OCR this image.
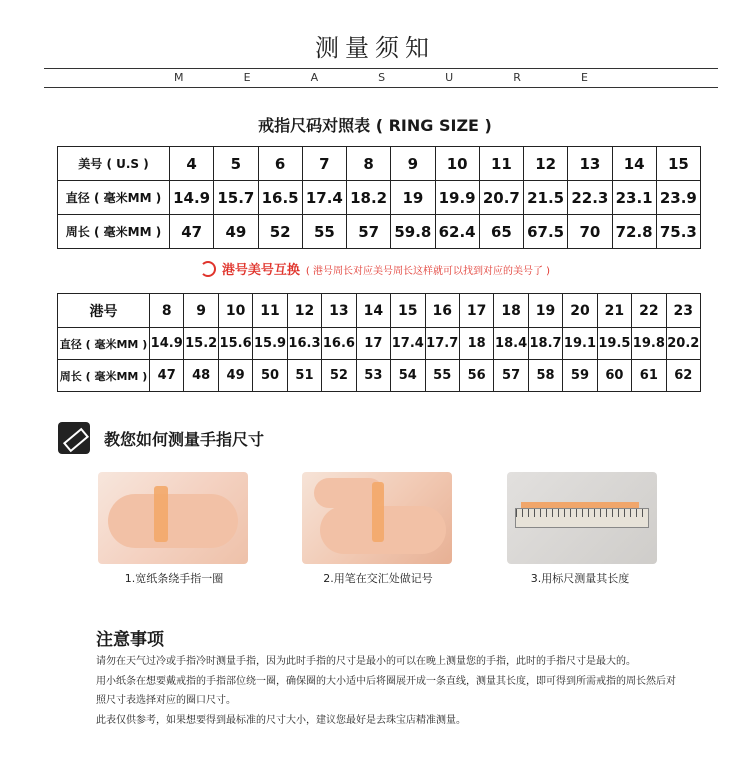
测量须知
M	E	A	S	U	R	E
戒指尺码对照表 ( RING SIZE )
美号 ( U.S )	4	5	6	7	8	9	10	11	12	13	14	15
直径 ( 毫米MM )	14.9	15.7	16.5	17.4	18.2	19	19.9	20.7	21.5	22.3	23.1	23.9
周长 ( 毫米MM )	47	49	52	55	57	59.8	62.4	65	67.5	70	72.8	75.3
港号美号互换 ( 港号周长对应美号周长这样就可以找到对应的美号了 )
港号	8	9	10	11	12	13	14	15	16	17	18	19	20	21	22	23
直径 ( 毫米MM )	14.9	15.2	15.6	15.9	16.3	16.6	17	17.4	17.7	18	18.4	18.7	19.1	19.5	19.8	20.2
周长 ( 毫米MM )	47	48	49	50	51	52	53	54	55	56	57	58	59	60	61	62
教您如何测量手指尺寸
1.宽纸条绕手指一圈	2.用笔在交汇处做记号	3.用标尺测量其长度
注意事项

请勿在天气过冷或手指冷时测量手指，因为此时手指的尺寸是最小的可以在晚上测量您的手指，此时的手指尺寸是最大的。

用小纸条在想要戴戒指的手指部位绕一圈，确保圈的大小适中后将圈展开成一条直线，测量其长度，即可得到所需戒指的周长然后对照尺寸表选择对应的圈口尺寸。

此表仅供参考，如果想要得到最标准的尺寸大小，建议您最好是去珠宝店精准测量。
